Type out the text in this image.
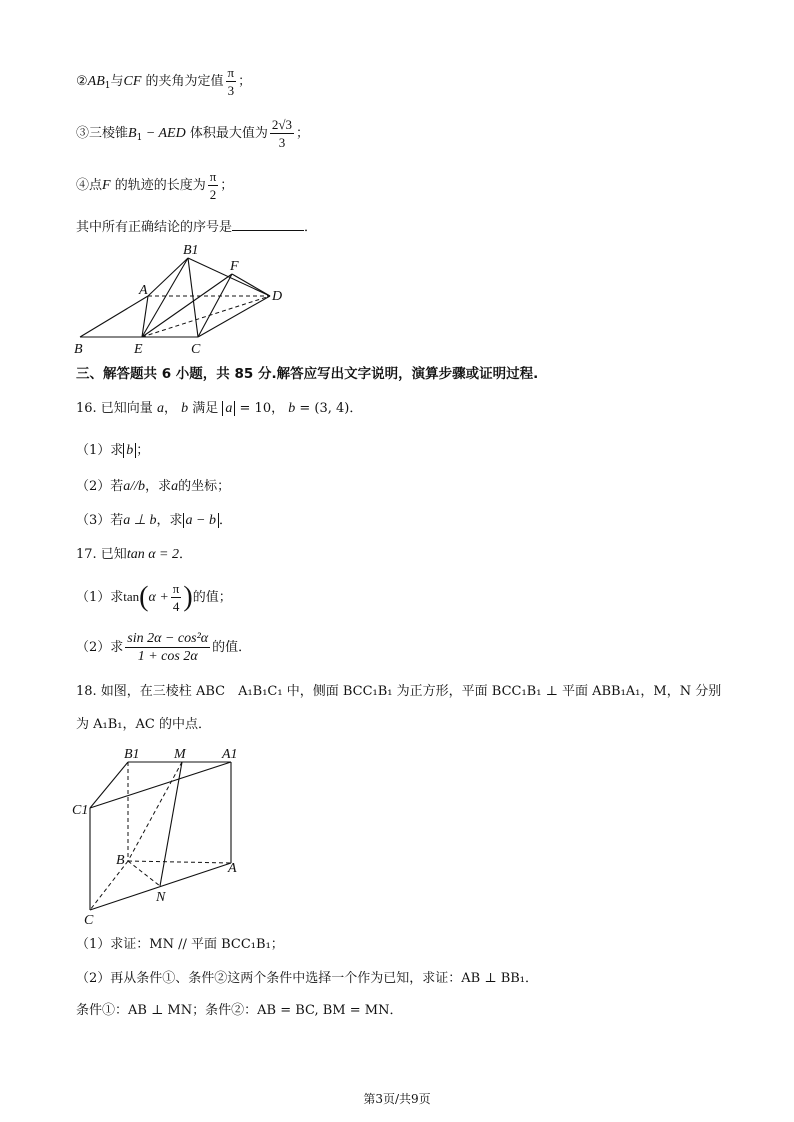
$②AB_1$与CF 的夹角为定值 $\frac{\pi}{3}$ ；
③三棱锥$B_1$ − AED 体积最大值为 $\frac{2√3}{3}$ ；
④点F 的轨迹的长度为 $\frac{\pi}{2}$ ；
其中所有正确结论的序号是	．
B1
F
A	D
B	E	C
三、解答题共 6 小题，共 85 分.解答应写出文字说明，演算步骤或证明过程.
16. 已知向量 a， b 满足 a = 10， b = (3, 4)．
（1）求 b ；
（2）若a//b，求a的坐标；
（3）若a ⊥ b，求 a − b ．
17. 已知tan α = 2．
（1）求$\tan(\alpha + \frac{\pi}{4}$ )的值；
（2）求 $\frac{\text{sin 2α − cos²α}}{1 + \cos 2\alpha}$ 的值．
18. 如图，在三棱柱 ABC　A₁B₁C₁ 中，侧面 BCC₁B₁ 为正方形，平面 BCC₁B₁ ⊥ 平面 ABB₁A₁，M，N 分别
为 A₁B₁，AC 的中点．
B1 M	A1
C1
B
A
N
C
（1）求证：MN // 平面 BCC₁B₁；
（2）再从条件①、条件②这两个条件中选择一个作为已知，求证：AB ⊥ BB₁．
条件①：AB ⊥ MN；条件②：AB = BC, BM = MN．
第3页/共9页
